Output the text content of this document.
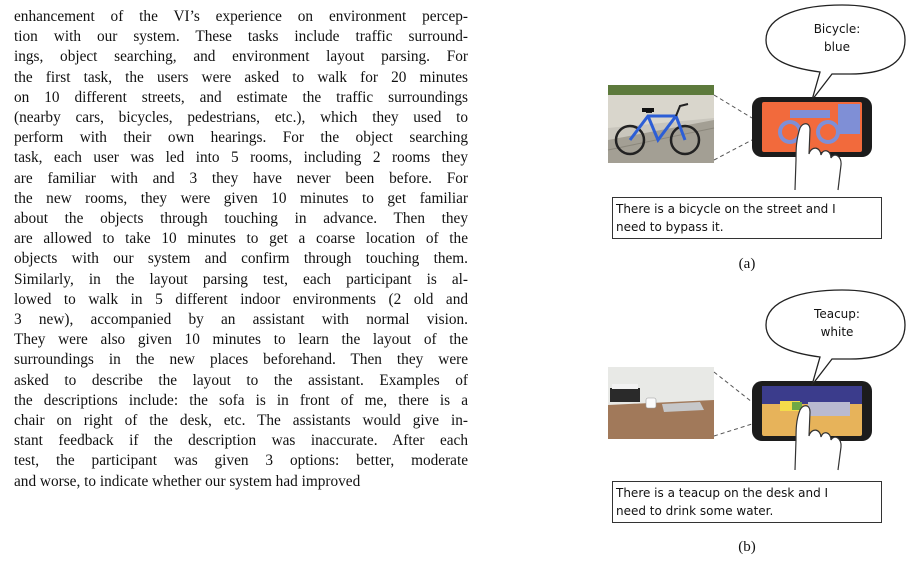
enhancement of the VI’s experience on environment percep-
tion with our system. These tasks include traffic surround-
ings, object searching, and environment layout parsing. For
the first task, the users were asked to walk for 20 minutes
on 10 different streets, and estimate the traffic surroundings
(nearby cars, bicycles, pedestrians, etc.), which they used to
perform with their own hearings. For the object searching
task, each user was led into 5 rooms, including 2 rooms they
are familiar with and 3 they have never been before. For
the new rooms, they were given 10 minutes to get familiar
about the objects through touching in advance. Then they
are allowed to take 10 minutes to get a coarse location of the
objects with our system and confirm through touching them.
Similarly, in the layout parsing test, each participant is al-
lowed to walk in 5 different indoor environments (2 old and
3 new), accompanied by an assistant with normal vision.
They were also given 10 minutes to learn the layout of the
surroundings in the new places beforehand. Then they were
asked to describe the layout to the assistant. Examples of
the descriptions include: the sofa is in front of me, there is a
chair on right of the desk, etc. The assistants would give in-
stant feedback if the description was inaccurate. After each
test, the participant was given 3 options: better, moderate
and worse, to indicate whether our system had improved
Bicycle:
blue
There is a bicycle on the street and I
need to bypass it.
(a)
Teacup:
white
There is a teacup on the desk and I
need to drink some water.
(b)
